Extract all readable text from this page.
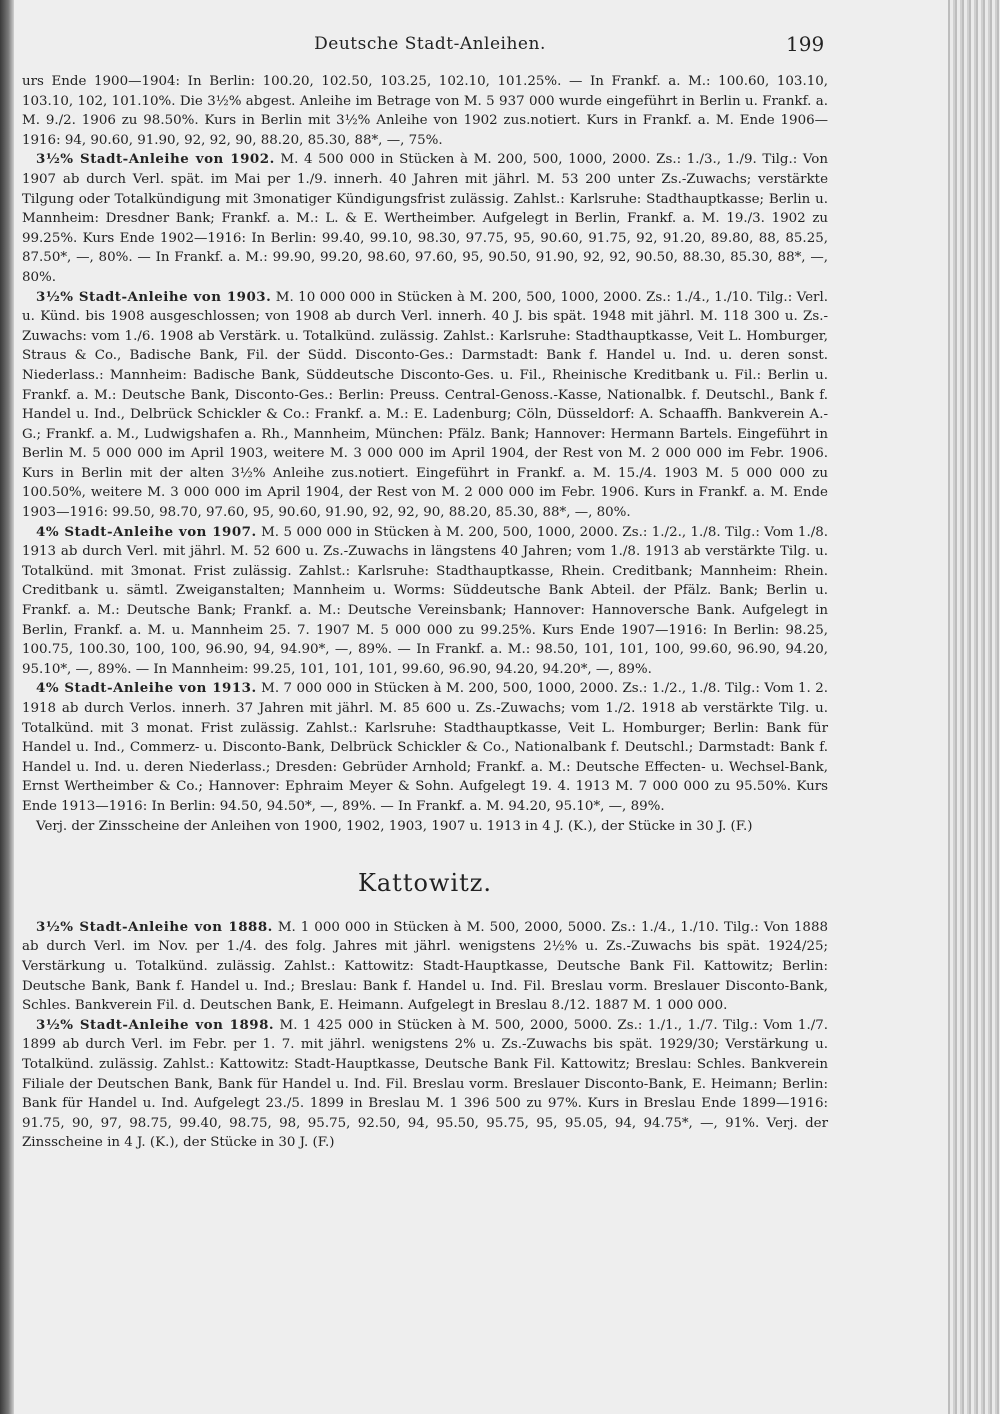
Deutsche Stadt-Anleihen.	199

urs Ende 1900—1904: In Berlin: 100.20, 102.50, 103.25, 102.10, 101.25%. — In Frankf. a. M.: 100.60, 103.10, 103.10, 102, 101.10%. Die 3½% abgest. Anleihe im Betrage von M. 5 937 000 wurde eingeführt in Berlin u. Frankf. a. M. 9./2. 1906 zu 98.50%. Kurs in Berlin mit 3½% Anleihe von 1902 zus.notiert. Kurs in Frankf. a. M. Ende 1906—1916: 94, 90.60, 91.90, 92, 92, 90, 88.20, 85.30, 88*, —, 75%.

3½% Stadt-Anleihe von 1902. M. 4 500 000 in Stücken à M. 200, 500, 1000, 2000. Zs.: 1./3., 1./9. Tilg.: Von 1907 ab durch Verl. spät. im Mai per 1./9. innerh. 40 Jahren mit jährl. M. 53 200 unter Zs.-Zuwachs; verstärkte Tilgung oder Totalkündigung mit 3monatiger Kündigungsfrist zulässig. Zahlst.: Karlsruhe: Stadthauptkasse; Berlin u. Mannheim: Dresdner Bank; Frankf. a. M.: L. & E. Wertheimber. Aufgelegt in Berlin, Frankf. a. M. 19./3. 1902 zu 99.25%. Kurs Ende 1902—1916: In Berlin: 99.40, 99.10, 98.30, 97.75, 95, 90.60, 91.75, 92, 91.20, 89.80, 88, 85.25, 87.50*, —, 80%. — In Frankf. a. M.: 99.90, 99.20, 98.60, 97.60, 95, 90.50, 91.90, 92, 92, 90.50, 88.30, 85.30, 88*, —, 80%.

3½% Stadt-Anleihe von 1903. M. 10 000 000 in Stücken à M. 200, 500, 1000, 2000. Zs.: 1./4., 1./10. Tilg.: Verl. u. Künd. bis 1908 ausgeschlossen; von 1908 ab durch Verl. innerh. 40 J. bis spät. 1948 mit jährl. M. 118 300 u. Zs.-Zuwachs: vom 1./6. 1908 ab Verstärk. u. Totalkünd. zulässig. Zahlst.: Karlsruhe: Stadthauptkasse, Veit L. Homburger, Straus & Co., Badische Bank, Fil. der Südd. Disconto-Ges.: Darmstadt: Bank f. Handel u. Ind. u. deren sonst. Niederlass.: Mannheim: Badische Bank, Süddeutsche Disconto-Ges. u. Fil., Rheinische Kreditbank u. Fil.: Berlin u. Frankf. a. M.: Deutsche Bank, Disconto-Ges.: Berlin: Preuss. Central-Genoss.-Kasse, Nationalbk. f. Deutschl., Bank f. Handel u. Ind., Delbrück Schickler & Co.: Frankf. a. M.: E. Ladenburg; Cöln, Düsseldorf: A. Schaaffh. Bankverein A.-G.; Frankf. a. M., Ludwigshafen a. Rh., Mannheim, München: Pfälz. Bank; Hannover: Hermann Bartels. Eingeführt in Berlin M. 5 000 000 im April 1903, weitere M. 3 000 000 im April 1904, der Rest von M. 2 000 000 im Febr. 1906. Kurs in Berlin mit der alten 3½% Anleihe zus.notiert. Eingeführt in Frankf. a. M. 15./4. 1903 M. 5 000 000 zu 100.50%, weitere M. 3 000 000 im April 1904, der Rest von M. 2 000 000 im Febr. 1906. Kurs in Frankf. a. M. Ende 1903—1916: 99.50, 98.70, 97.60, 95, 90.60, 91.90, 92, 92, 90, 88.20, 85.30, 88*, —, 80%.

4% Stadt-Anleihe von 1907. M. 5 000 000 in Stücken à M. 200, 500, 1000, 2000. Zs.: 1./2., 1./8. Tilg.: Vom 1./8. 1913 ab durch Verl. mit jährl. M. 52 600 u. Zs.-Zuwachs in längstens 40 Jahren; vom 1./8. 1913 ab verstärkte Tilg. u. Totalkünd. mit 3monat. Frist zulässig. Zahlst.: Karlsruhe: Stadthauptkasse, Rhein. Creditbank; Mannheim: Rhein. Creditbank u. sämtl. Zweiganstalten; Mannheim u. Worms: Süddeutsche Bank Abteil. der Pfälz. Bank; Berlin u. Frankf. a. M.: Deutsche Bank; Frankf. a. M.: Deutsche Vereinsbank; Hannover: Hannoversche Bank. Aufgelegt in Berlin, Frankf. a. M. u. Mannheim 25. 7. 1907 M. 5 000 000 zu 99.25%. Kurs Ende 1907—1916: In Berlin: 98.25, 100.75, 100.30, 100, 100, 96.90, 94, 94.90*, —, 89%. — In Frankf. a. M.: 98.50, 101, 101, 100, 99.60, 96.90, 94.20, 95.10*, —, 89%. — In Mannheim: 99.25, 101, 101, 101, 99.60, 96.90, 94.20, 94.20*, —, 89%.

4% Stadt-Anleihe von 1913. M. 7 000 000 in Stücken à M. 200, 500, 1000, 2000. Zs.: 1./2., 1./8. Tilg.: Vom 1. 2. 1918 ab durch Verlos. innerh. 37 Jahren mit jährl. M. 85 600 u. Zs.-Zuwachs; vom 1./2. 1918 ab verstärkte Tilg. u. Totalkünd. mit 3 monat. Frist zulässig. Zahlst.: Karlsruhe: Stadthauptkasse, Veit L. Homburger; Berlin: Bank für Handel u. Ind., Commerz- u. Disconto-Bank, Delbrück Schickler & Co., Nationalbank f. Deutschl.; Darmstadt: Bank f. Handel u. Ind. u. deren Niederlass.; Dresden: Gebrüder Arnhold; Frankf. a. M.: Deutsche Effecten- u. Wechsel-Bank, Ernst Wertheimber & Co.; Hannover: Ephraim Meyer & Sohn. Aufgelegt 19. 4. 1913 M. 7 000 000 zu 95.50%. Kurs Ende 1913—1916: In Berlin: 94.50, 94.50*, —, 89%. — In Frankf. a. M. 94.20, 95.10*, —, 89%.

Verj. der Zinsscheine der Anleihen von 1900, 1902, 1903, 1907 u. 1913 in 4 J. (K.), der Stücke in 30 J. (F.)

Kattowitz.

3½% Stadt-Anleihe von 1888. M. 1 000 000 in Stücken à M. 500, 2000, 5000. Zs.: 1./4., 1./10. Tilg.: Von 1888 ab durch Verl. im Nov. per 1./4. des folg. Jahres mit jährl. wenigstens 2½% u. Zs.-Zuwachs bis spät. 1924/25; Verstärkung u. Totalkünd. zulässig. Zahlst.: Kattowitz: Stadt-Hauptkasse, Deutsche Bank Fil. Kattowitz; Berlin: Deutsche Bank, Bank f. Handel u. Ind.; Breslau: Bank f. Handel u. Ind. Fil. Breslau vorm. Breslauer Disconto-Bank, Schles. Bankverein Fil. d. Deutschen Bank, E. Heimann. Aufgelegt in Breslau 8./12. 1887 M. 1 000 000.

3½% Stadt-Anleihe von 1898. M. 1 425 000 in Stücken à M. 500, 2000, 5000. Zs.: 1./1., 1./7. Tilg.: Vom 1./7. 1899 ab durch Verl. im Febr. per 1. 7. mit jährl. wenigstens 2% u. Zs.-Zuwachs bis spät. 1929/30; Verstärkung u. Totalkünd. zulässig. Zahlst.: Kattowitz: Stadt-Hauptkasse, Deutsche Bank Fil. Kattowitz; Breslau: Schles. Bankverein Filiale der Deutschen Bank, Bank für Handel u. Ind. Fil. Breslau vorm. Breslauer Disconto-Bank, E. Heimann; Berlin: Bank für Handel u. Ind. Aufgelegt 23./5. 1899 in Breslau M. 1 396 500 zu 97%. Kurs in Breslau Ende 1899—1916: 91.75, 90, 97, 98.75, 99.40, 98.75, 98, 95.75, 92.50, 94, 95.50, 95.75, 95, 95.05, 94, 94.75*, —, 91%. Verj. der Zinsscheine in 4 J. (K.), der Stücke in 30 J. (F.)
